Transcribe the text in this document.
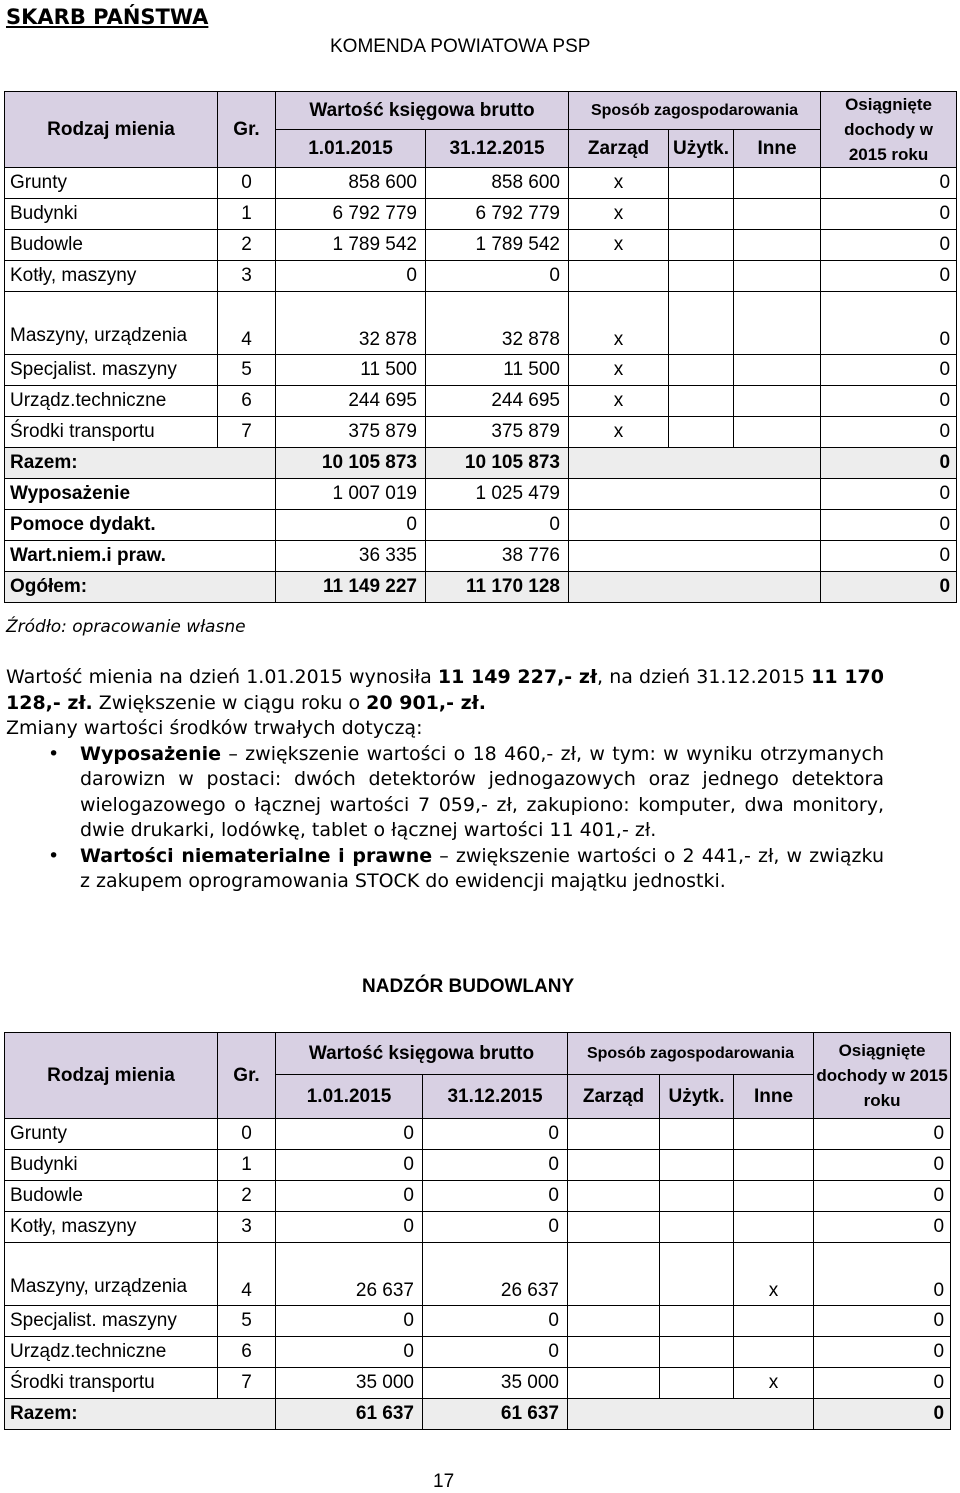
SKARB PAŃSTWA
KOMENDA POWIATOWA PSP
Rodzaj mienia	Gr.	Wartość księgowa brutto		Sposób zagospodarowania			Osiągnięte dochody w 2015 roku
		1.01.2015	31.12.2015	Zarząd	Użytk.	Inne	
Grunty	0	858 600	858 600	x			0
Budynki	1	6 792 779	6 792 779	x			0
Budowle	2	1 789 542	1 789 542	x			0
Kotły, maszyny	3	0	0				0
Maszyny, urządzenia	4	32 878	32 878	x			0
Specjalist. maszyny	5	11 500	11 500	x			0
Urządz.techniczne	6	244 695	244 695	x			0
Środki transportu	7	375 879	375 879	x			0
Razem:		10 105 873	10 105 873				0
Wyposażenie		1 007 019	1 025 479				0
Pomoce dydakt.		0	0				0
Wart.niem.i praw.		36 335	38 776				0
Ogółem:		11 149 227	11 170 128				0
Źródło: opracowanie własne

Wartość mienia na dzień 1.01.2015 wynosiła 11 149 227,- zł, na dzień 31.12.2015 11 170 128,- zł. Zwiększenie w ciągu roku o 20 901,- zł.

Zmiany wartości środków trwałych dotyczą:

• Wyposażenie – zwiększenie wartości o 18 460,- zł, w tym: w wyniku otrzymanych darowizn w postaci: dwóch detektorów jednogazowych oraz jednego detektora wielogazowego o łącznej wartości 7 059,- zł, zakupiono: komputer, dwa monitory, dwie drukarki, lodówkę, tablet o łącznej wartości 11 401,- zł.
• Wartości niematerialne i prawne – zwiększenie wartości o 2 441,- zł, w związku z zakupem oprogramowania STOCK do ewidencji majątku jednostki.
NADZÓR BUDOWLANY
Rodzaj mienia	Gr.	Wartość księgowa brutto		Sposób zagospodarowania			Osiągnięte dochody w 2015 roku
		1.01.2015	31.12.2015	Zarząd	Użytk.	Inne	
Grunty	0	0	0				0
Budynki	1	0	0				0
Budowle	2	0	0				0
Kotły, maszyny	3	0	0				0
Maszyny, urządzenia	4	26 637	26 637			x	0
Specjalist. maszyny	5	0	0				0
Urządz.techniczne	6	0	0				0
Środki transportu	7	35 000	35 000			x	0
Razem:		61 637	61 637				0
17
